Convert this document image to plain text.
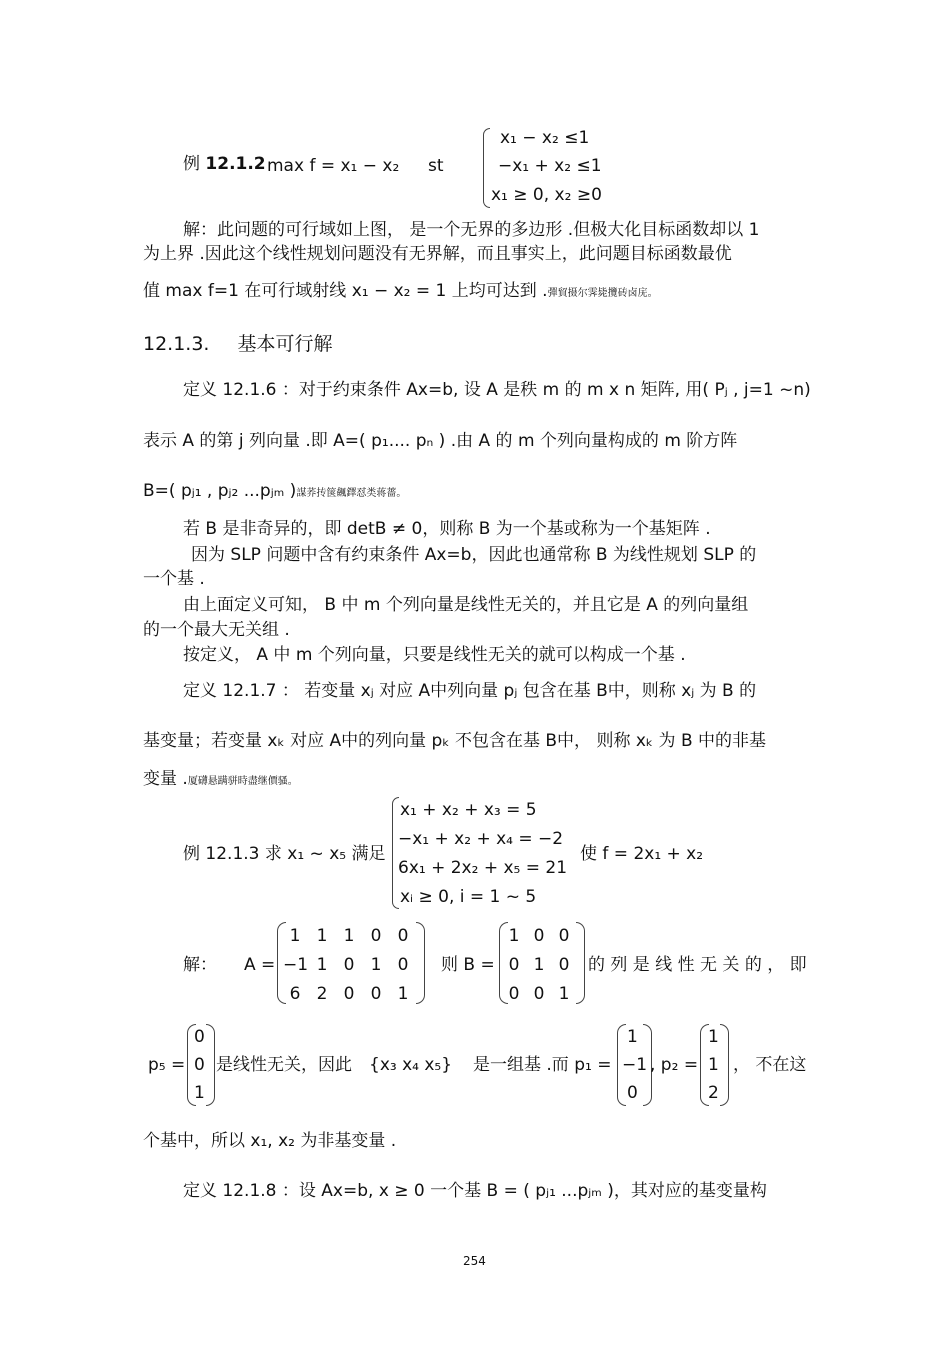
例 12.1.2 max f = x₁ − x₂ st
x₁ − x₂ ≤1
−x₁ + x₂ ≤1
x₁ ≥ 0, x₂ ≥0
解：此问题的可行域如上图， 是一个无界的多边形 .但极大化目标函数却以 1
为上界 .因此这个线性规划问题没有无界解，而且事实上，此问题目标函数最优
值 max f=1 在可行域射线 x₁ − x₂ = 1 上均可达到 .彈貿摄尔霁毙攬砖卤庑。
12.1.3. 基本可行解
定义 12.1.6 ：对于约束条件 Ax=b, 设 A 是秩 m 的 m x n 矩阵, 用( Pⱼ , j=1 ~n)
表示 A 的第 j 列向量 .即 A=( p₁.... pₙ ) .由 A 的 m 个列向量构成的 m 阶方阵
B=( pⱼ₁ , pⱼ₂ ...pⱼₘ )謀荞抟箧飆鐸怼类蒋薔。
若 B 是非奇异的，即 detB ≠ 0，则称 B 为一个基或称为一个基矩阵 .
因为 SLP 问题中含有约束条件 Ax=b，因此也通常称 B 为线性规划 SLP 的
一个基 .
由上面定义可知， B 中 m 个列向量是线性无关的，并且它是 A 的列向量组
的一个最大无关组 .
按定义， A 中 m 个列向量，只要是线性无关的就可以构成一个基 .
定义 12.1.7 ： 若变量 xⱼ 对应 A中列向量 pⱼ 包含在基 B中，则称 xⱼ 为 B 的
基变量；若变量 xₖ 对应 A中的列向量 pₖ 不包含在基 B中， 则称 xₖ 为 B 中的非基
变量 .厦礴悬蹒骈時盡继價骚。
例 12.1.3 求 x₁ ~ x₅ 满足
x₁ + x₂ + x₃ = 5
−x₁ + x₂ + x₄ = −2
6x₁ + 2x₂ + x₅ = 21
xᵢ ≥ 0, i = 1 ~ 5
使 f = 2x₁ + x₂
解： A =
1 1 1 0 0
−1 1 0 1 0
6 2 0 0 1
则 B =
1 0 0
0 1 0
0 0 1
的 列 是 线 性 无 关 的 ， 即
p₅ =
0
0
1
是线性无关，因此 {x₃ x₄ x₅} 是一组基 .而 p₁ =
1
−1
0
, p₂ =
1
1
2
， 不在这
个基中，所以 x₁, x₂ 为非基变量 .
定义 12.1.8 ：设 Ax=b, x ≥ 0 一个基 B = ( pⱼ₁ ...pⱼₘ )，其对应的基变量构
254
